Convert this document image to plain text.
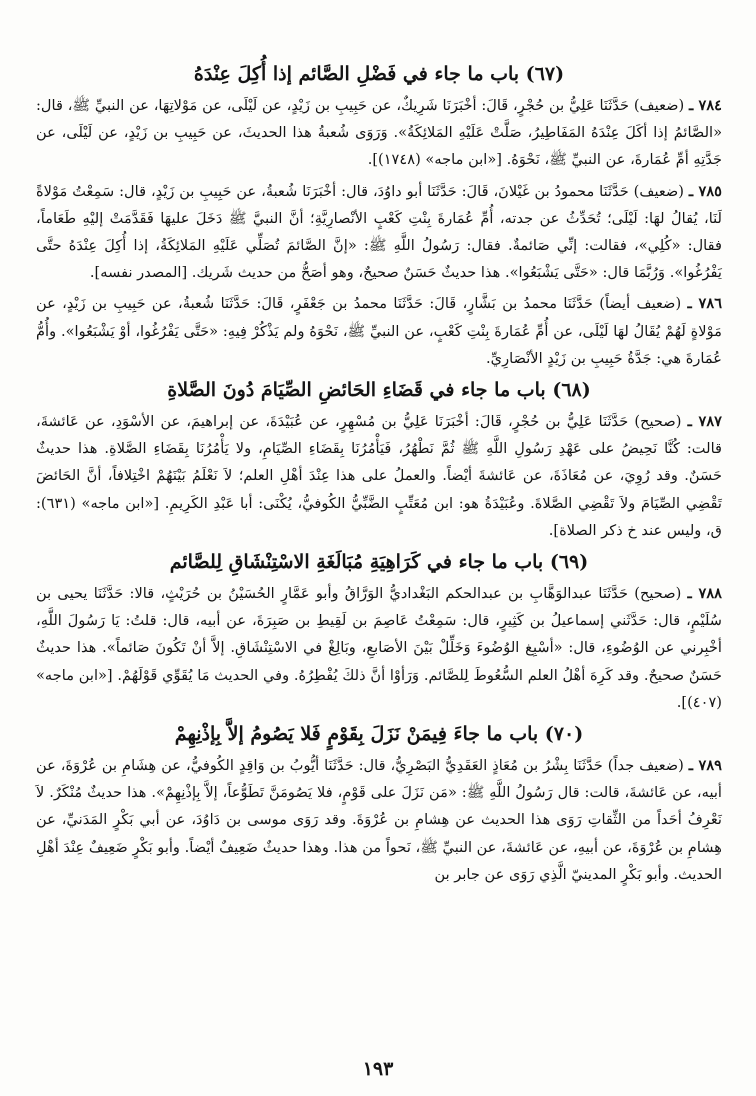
(٦٧) باب ما جاء في فَضْلِ الصَّائم إذا أُكِلَ عِنْدَهُ

٧٨٤ ـ (ضعيف) حَدَّثَنَا عَلِيُّ بن حُجْرٍ، قَالَ: أخْبَرَنَا شَرِيكٌ، عن حَبِيبِ بن زَيْدٍ، عن لَيْلَى، عن مَوْلاتِهَا، عن النبيِّ ﷺ، قال: «الصَّائمُ إذا أكَلَ عِنْدَهُ المَفَاطِيرُ، صَلَّتْ عَلَيْهِ المَلائِكَةُ». وَرَوَى شُعبةُ هذا الحديثَ، عن حَبِيبِ بن زَيْدٍ، عن لَيْلَى، عن جَدَّتِهِ أمِّ عُمَارةَ، عن النبيِّ ﷺ، نَحْوَهُ. [«ابن ماجه» (١٧٤٨)].

٧٨٥ ـ (ضعيف) حَدَّثَنَا محمودُ بن غَيْلانَ، قَالَ: حَدَّثَنَا أبو داوُدَ، قال: أخْبَرَنَا شُعبةُ، عن حَبِيبِ بن زَيْدٍ، قال: سَمِعْتُ مَوْلاةً لَنَا، يُقالُ لهَا: لَيْلَى؛ تُحَدِّثُ عن جدته، أُمِّ عُمَارةَ بِنْتِ كَعْبٍ الأنْصارِيَّةِ؛ أنَّ النبيَّ ﷺ دَخَلَ عليهَا فَقَدَّمَتْ إليْهِ طَعَاماً، فقال: «كُلِي»، فقالت: إنِّي صَائمةٌ. فقال: رَسُولُ اللَّهِ ﷺ: «إنَّ الصَّائمَ تُصَلِّي عَلَيْهِ المَلائِكَةُ، إذا أُكِلَ عِنْدَهُ حتَّى يَفْرُغُوا». وَرُبَّمَا قال: «حَتَّى يَشْبَعُوا». هذا حديثٌ حَسَنٌ صحيحٌ، وهو أصَحُّ من حديث شَريك. [المصدر نفسه].

٧٨٦ ـ (ضعيف أيضاً) حَدَّثَنَا محمدُ بن بَشَّارٍ، قَالَ: حَدَّثَنَا محمدُ بن جَعْفَرٍ، قَالَ: حَدَّثَنَا شُعبةُ، عن حَبِيبِ بن زَيْدٍ، عن مَوْلاةٍ لَهُمْ يُقَالُ لهَا لَيْلَى، عن أُمِّ عُمَارةَ بِنْتِ كَعْبٍ، عن النبيِّ ﷺ، نَحْوَهُ ولم يَذْكُرْ فِيهِ: «حَتَّى يَفْرُغُوا، أوْ يَشْبَعُوا». وأُمُّ عُمَارةَ هي: جَدَّةُ حَبِيبِ بن زَيْدٍ الأنْصَارِيِّ.

(٦٨) باب ما جاء في قَضَاءِ الحَائضِ الصِّيَامَ دُونَ الصَّلاةِ

٧٨٧ ـ (صحيح) حَدَّثَنَا عَلِيُّ بن حُجْرٍ، قَالَ: أخْبَرَنَا عَلِيُّ بن مُسْهِرٍ، عن عُبَيْدَةَ، عن إبراهيمَ، عن الأسْوَدِ، عن عَائشةَ، قالت: كُنَّا نَحِيضُ على عَهْدِ رَسُولِ اللَّهِ ﷺ ثُمَّ نَطْهُرُ، فَيَأْمُرُنَا بِقَضَاءِ الصِّيَامِ، ولا يَأْمُرُنَا بِقَضَاءِ الصَّلاةِ. هذا حديثٌ حَسَنٌ. وقد رُوِيَ، عن مُعَاذَةَ، عن عَائشةَ أيْضاً. والعملُ على هذا عِنْدَ أهْلِ العلم؛ لاَ نَعْلَمُ بَيْنَهُمْ اخْتِلافاً، أنَّ الحَائضَ تَقْضِي الصِّيَامَ ولاَ تَقْضِي الصَّلاةَ. وعُبَيْدَةُ هو: ابن مُعَتِّبٍ الضَّبِّيُّ الكُوفيُّ، يُكْنَى: أبا عَبْدِ الكَرِيمِ. [«ابن ماجه» (٦٣١): ق، وليس عند خ ذكر الصلاة].

(٦٩) باب ما جاء في كَرَاهِيَةِ مُبَالَغَةِ الاسْتِنْشَاقِ لِلصَّائم

٧٨٨ ـ (صحيح) حَدَّثَنَا عبدالوَهَّابِ بن عبدالحكم البَغْداديُّ الوَرَّاقُ وأبو عَمَّارٍ الحُسَيْنُ بن حُرَيْثٍ، قالا: حَدَّثَنَا يحيى بن سُلَيْمٍ، قال: حَدَّثَني إسماعيلُ بن كَثِيرٍ، قال: سَمِعْتُ عَاصِمَ بن لَقِيطِ بن صَبِرَةَ، عن أبيه، قال: قلتُ: يَا رَسُولَ اللَّهِ، أخْبِرني عن الوُضُوءِ، قال: «أسْبِغ الوُضُوءَ وَخَلِّلْ بَيْنَ الأصَابعِ، وبَالِغْ في الاسْتِنْشَاقِ. إلاَّ أنْ تَكُونَ صَائماً». هذا حديثٌ حَسَنٌ صحيحٌ. وقد كَرِهَ أهْلُ العلم السُّعُوطَ لِلصَّائم. وَرَأوْا أنَّ ذلكَ يُفْطِرُهُ. وفي الحديث مَا يُقَوِّي قَوْلَهُمْ. [«ابن ماجه» (٤٠٧)].

(٧٠) باب ما جاءَ فِيمَنْ نَزَلَ بِقَوْمٍ فَلا يَصُومُ إلاَّ بِإذْنِهِمْ

٧٨٩ ـ (ضعيف جداً) حَدَّثَنَا بِشْرُ بن مُعَاذٍ العَقَدِيُّ البَصْرِيُّ، قال: حَدَّثَنَا أيُّوبُ بن وَاقِدٍ الكُوفيُّ، عن هِشَامِ بن عُرْوَةَ، عن أبيه، عن عَائشةَ، قالت: قال رَسُولُ اللَّهِ ﷺ: «مَن نَزَلَ على قَوْمٍ، فلا يَصُومَنَّ تَطَوُّعاً، إلاَّ بِإذْنِهِمْ». هذا حديثٌ مُنْكَرٌ. لاَ نَعْرِفُ أحَداً من الثِّقاتِ رَوَى هذا الحديث عن هِشامِ بن عُرْوَةَ. وقد رَوَى موسى بن دَاوُدَ، عن أبي بَكْرٍ المَدَنيِّ، عن هِشامِ بن عُرْوَةَ، عن أبيهِ، عن عَائشةَ، عن النبيِّ ﷺ، نَحواً من هذا. وهذا حديثٌ ضَعِيفٌ أيْضاً. وأبو بَكْرٍ ضَعِيفٌ عِنْدَ أهْلِ الحديث. وأبو بَكْرٍ المدينيّ الَّذِي رَوَى عن جابر بن

١٩٣
